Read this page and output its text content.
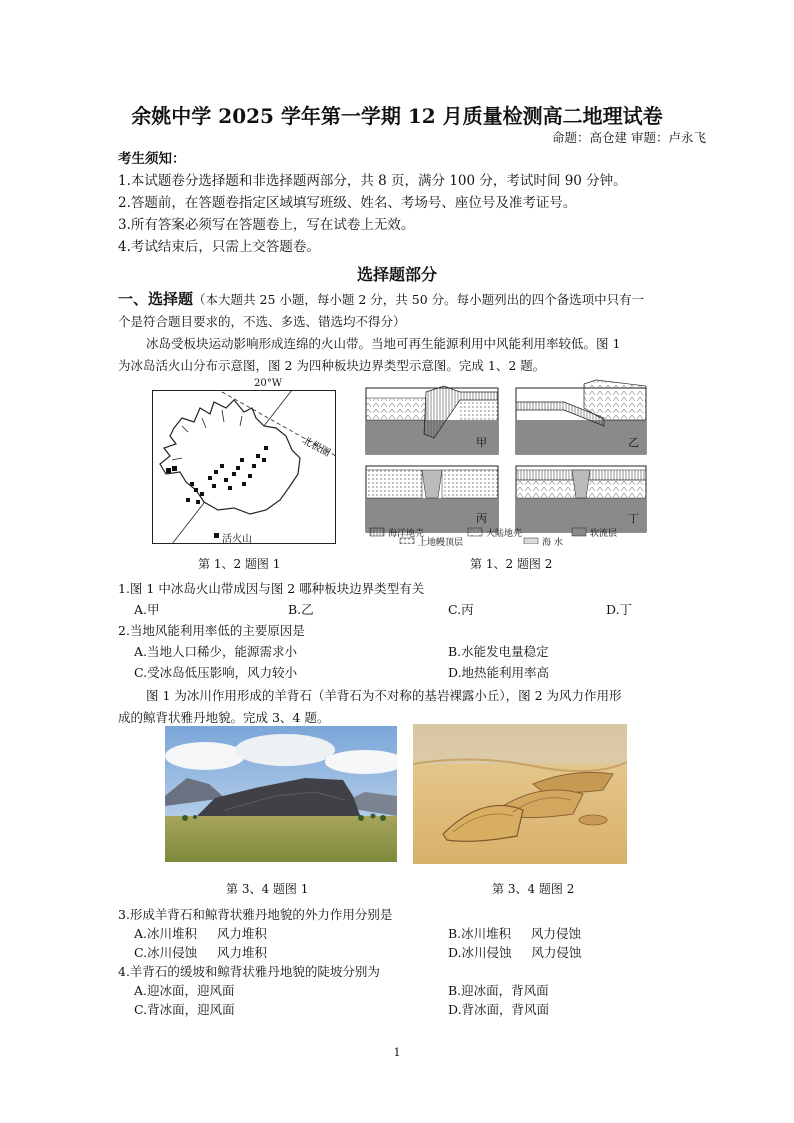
余姚中学 2025 学年第一学期 12 月质量检测高二地理试卷
命题：高仓建 审题：卢永飞
考生须知：
1.本试题卷分选择题和非选择题两部分，共 8 页，满分 100 分，考试时间 90 分钟。
2.答题前，在答题卷指定区域填写班级、姓名、考场号、座位号及准考证号。
3.所有答案必须写在答题卷上，写在试卷上无效。
4.考试结束后，只需上交答题卷。
选择题部分
一、选择题（本大题共 25 小题，每小题 2 分，共 50 分。每小题列出的四个备选项中只有一
个是符合题目要求的，不选、多选、错选均不得分）
冰岛受板块运动影响形成连绵的火山带。当地可再生能源利用中风能利用率较低。图 1
为冰岛活火山分布示意图，图 2 为四种板块边界类型示意图。完成 1、2 题。
20°W
北极圈
活火山
第 1、2 题图 1
甲	乙
丙	丁
海洋地壳	大陆地壳	软流层
上地幔顶层	海 水
第 1、2 题图 2
1.图 1 中冰岛火山带成因与图 2 哪种板块边界类型有关
A.甲	B.乙	C.丙	D.丁
2.当地风能利用率低的主要原因是
A.当地人口稀少，能源需求小	B.水能发电量稳定
C.受冰岛低压影响，风力较小	D.地热能利用率高
图 1 为冰川作用形成的羊背石（羊背石为不对称的基岩裸露小丘），图 2 为风力作用形
成的鲸背状雅丹地貌。完成 3、4 题。
第 3、4 题图 1	第 3、4 题图 2
3.形成羊背石和鲸背状雅丹地貌的外力作用分别是
A.冰川堆积     风力堆积	B.冰川堆积     风力侵蚀
C.冰川侵蚀     风力堆积	D.冰川侵蚀     风力侵蚀
4.羊背石的缓坡和鲸背状雅丹地貌的陡坡分别为
A.迎冰面，迎风面	B.迎冰面，背风面
C.背冰面，迎风面	D.背冰面，背风面
1
